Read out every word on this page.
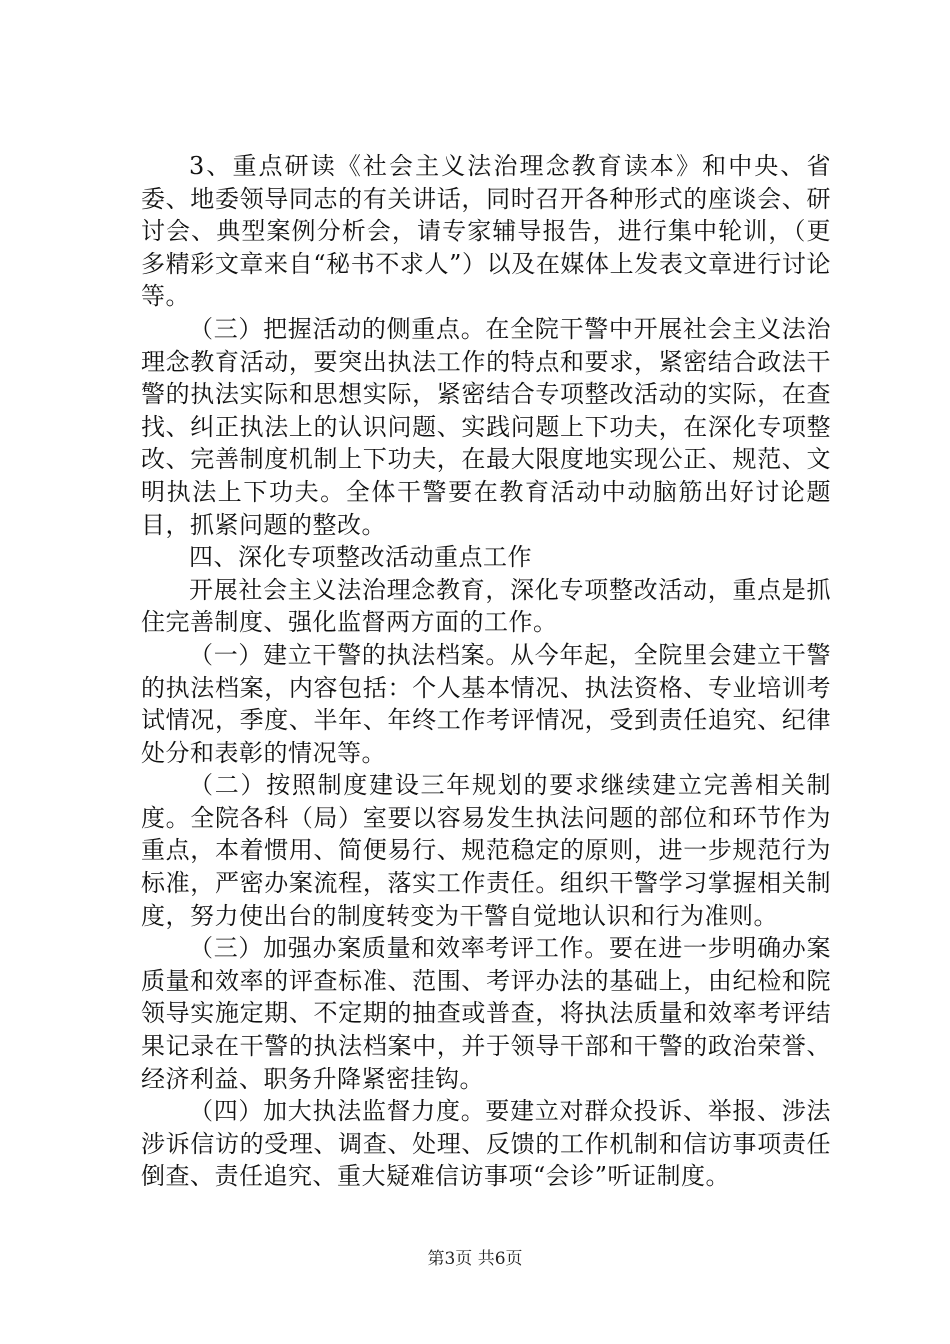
3、重点研读《社会主义法治理念教育读本》和中央、省委、地委领导同志的有关讲话，同时召开各种形式的座谈会、研讨会、典型案例分析会，请专家辅导报告，进行集中轮训，（更多精彩文章来自“秘书不求人”）以及在媒体上发表文章进行讨论等。

（三）把握活动的侧重点。在全院干警中开展社会主义法治理念教育活动，要突出执法工作的特点和要求，紧密结合政法干警的执法实际和思想实际，紧密结合专项整改活动的实际，在查找、纠正执法上的认识问题、实践问题上下功夫，在深化专项整改、完善制度机制上下功夫，在最大限度地实现公正、规范、文明执法上下功夫。全体干警要在教育活动中动脑筋出好讨论题目，抓紧问题的整改。

四、深化专项整改活动重点工作

开展社会主义法治理念教育，深化专项整改活动，重点是抓住完善制度、强化监督两方面的工作。

（一）建立干警的执法档案。从今年起，全院里会建立干警的执法档案，内容包括：个人基本情况、执法资格、专业培训考试情况，季度、半年、年终工作考评情况，受到责任追究、纪律处分和表彰的情况等。

（二）按照制度建设三年规划的要求继续建立完善相关制度。全院各科（局）室要以容易发生执法问题的部位和环节作为重点，本着惯用、简便易行、规范稳定的原则，进一步规范行为标准，严密办案流程，落实工作责任。组织干警学习掌握相关制度，努力使出台的制度转变为干警自觉地认识和行为准则。

（三）加强办案质量和效率考评工作。要在进一步明确办案质量和效率的评查标准、范围、考评办法的基础上，由纪检和院领导实施定期、不定期的抽查或普查，将执法质量和效率考评结果记录在干警的执法档案中，并于领导干部和干警的政治荣誉、经济利益、职务升降紧密挂钩。

（四）加大执法监督力度。要建立对群众投诉、举报、涉法涉诉信访的受理、调查、处理、反馈的工作机制和信访事项责任倒查、责任追究、重大疑难信访事项“会诊”听证制度。

第3页 共6页
